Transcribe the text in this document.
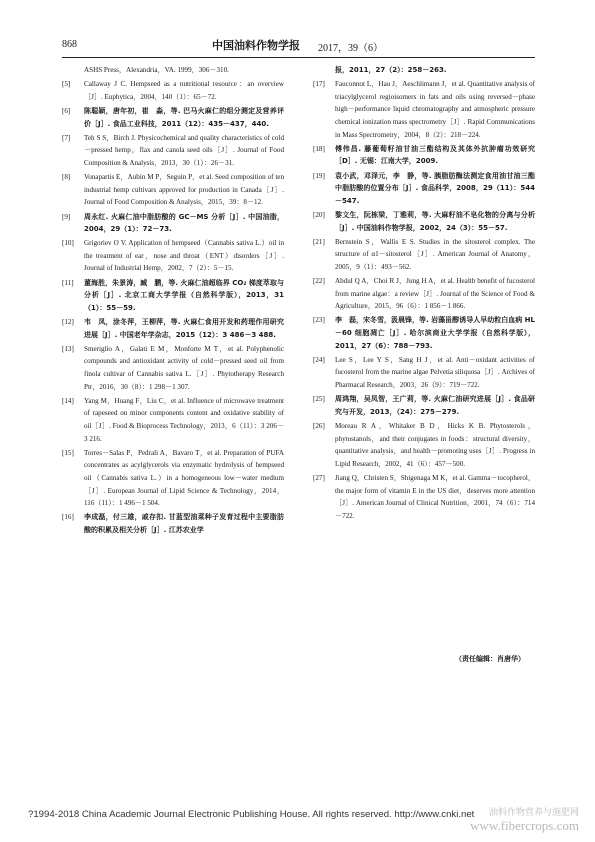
868	中国油料作物学报 2017，39（6）
ASHS Press，Alexandria，VA. 1999，306－310.
[5] Callaway J C. Hempseed as a nutritional resource：an overview［J］. Euphytica，2004，140（1）：65－72.
[6] 陈聪颖，唐年初，崔　淼，等. 巴马火麻仁的组分测定及营养评价［J］. 食品工业科技，2011（12）：435－437，440.
[7] Teh S S，Birch J. Physicochemical and quality characteristics of cold－pressed hemp，flax and canola seed oils［J］. Journal of Food Composition & Analysis，2013，30（1）：26－31.
[8] Vonapartis E，Aubin M P，Seguin P，et al. Seed composition of ten industrial hemp cultivars approved for production in Canada［J］. Journal of Food Composition & Analysis，2015，39：8－12.
[9] 周永红. 火麻仁油中脂肪酸的 GC－MS 分析［J］. 中国油脂，2004，29（1）：72－73.
[10] Grigoriev O V. Application of hempseed（Cannabis sativa L.）oil in the treatment of ear，nose and throat（ENT）disorders［J］. Journal of Industrial Hemp，2002，7（2）：5－15.
[11] 董海胜，朱景涛，臧　鹏，等. 火麻仁油超临界 CO₂ 梯度萃取与分析［J］. 北京工商大学学报（自然科学版），2013，31（1）：55－59.
[12] 韦　凤，涂冬萍，王柳萍，等. 火麻仁食用开发和药理作用研究进展［J］. 中国老年学杂志，2015（12）：3 486－3 488.
[13] Smeriglio A，Galati E M，Monforte M T，et al. Polyphenolic compounds and antioxidant activity of cold－pressed seed oil from finola cultivar of Cannabis sativa L.［J］. Phytotherapy Research Ptr，2016，30（8）：1 298－1 307.
[14] Yang M，Huang F，Liu C，et al. Influence of microwave treatment of rapeseed on minor components content and oxidative stability of oil［J］. Food & Bioprocess Technology，2013，6（11）：3 206－3 216.
[15] Torres－Salas P，Pedrali A，Bavaro T，et al. Preparation of PUFA concentrates as acylglycerols via enzymatic hydrolysis of hempseed oil（Cannabis sativa L.）in a homogeneous low－water medium［J］. European Journal of Lipid Science & Technology，2014，116（11）：1 496－1 504.
[16] 李成磊，付三雄，戚存扣. 甘蓝型油菜种子发育过程中主要脂肪酸的积累及相关分析［J］. 江苏农业学
报，2011，27（2）：258－263.
[17] Fauconnot L，Hau J，Aeschlimann J，et al. Quantitative analysis of triacylglycerol regioisomers in fats and oils using reversed－phase high－performance liquid chromatography and atmospheric pressure chemical ionization mass spectrometry［J］. Rapid Communications in Mass Spectrometry，2004，8（2）：218－224.
[18] 傅伟昌. 藤葡萄籽油甘油三酯结构及其体外抗肿瘤功效研究［D］. 无锡：江南大学，2009.
[19] 袁小武，邓泽元，李　静，等. 胰脂肪酶法测定食用油甘油三酯中脂肪酸的位置分布［J］. 食品科学，2008，29（11）：544－547.
[20] 黎文生，阮栋梁，丁雅莉，等. 大麻籽油不皂化物的分离与分析［J］. 中国油料作物学报，2002，24（3）：55－57.
[21] Bernstein S，Wallis E S. Studies in the sitosterol complex. The structure of α1－sitosterol［J］. American Journal of Anatomy，2005，9（1）：493－562.
[22] Abdul Q A，Choi R J，Jung H A，et al. Health benefit of fucosterol from marine algae：a review［J］. Journal of the Science of Food & Agriculture，2015，96（6）：1 856－1 866.
[23] 李　磊，宋冬雪，汲晨锋，等. 岩藻甾醇诱导人早幼粒白血病 HL－60 细胞凋亡［J］. 哈尔滨商业大学学报（自然科学版），2011，27（6）：788－793.
[24] Lee S，Lee Y S，Sang H J，et al. Anti－oxidant activities of fucosterol from the marine algae Pelvetia siliquosa［J］. Archives of Pharmacal Research，2003，26（9）：719－722.
[25] 周鸿翔，吴凤智，王广莉，等. 火麻仁油研究进展［J］. 食品研究与开发，2013，（24）：275－279.
[26] Moreau R A，Whitaker B D，Hicks K B. Phytosterols，phytostanols，and their conjugates in foods：structural diversity，quantitative analysis，and health－promoting uses［J］. Progress in Lipid Research，2002，41（6）：457－500.
[27] Jiang Q，Christen S，Shigenaga M K，et al. Gamma－tocopherol，the major form of vitamin E in the US diet，deserves more attention［J］. American Journal of Clinical Nutrition，2001，74（6）：714－722.
（责任编辑：肖唐华）
?1994-2018 China Academic Journal Electronic Publishing House. All rights reserved. http://www.cnki.net	油料作物营养与施肥网
www.fibercrops.com
